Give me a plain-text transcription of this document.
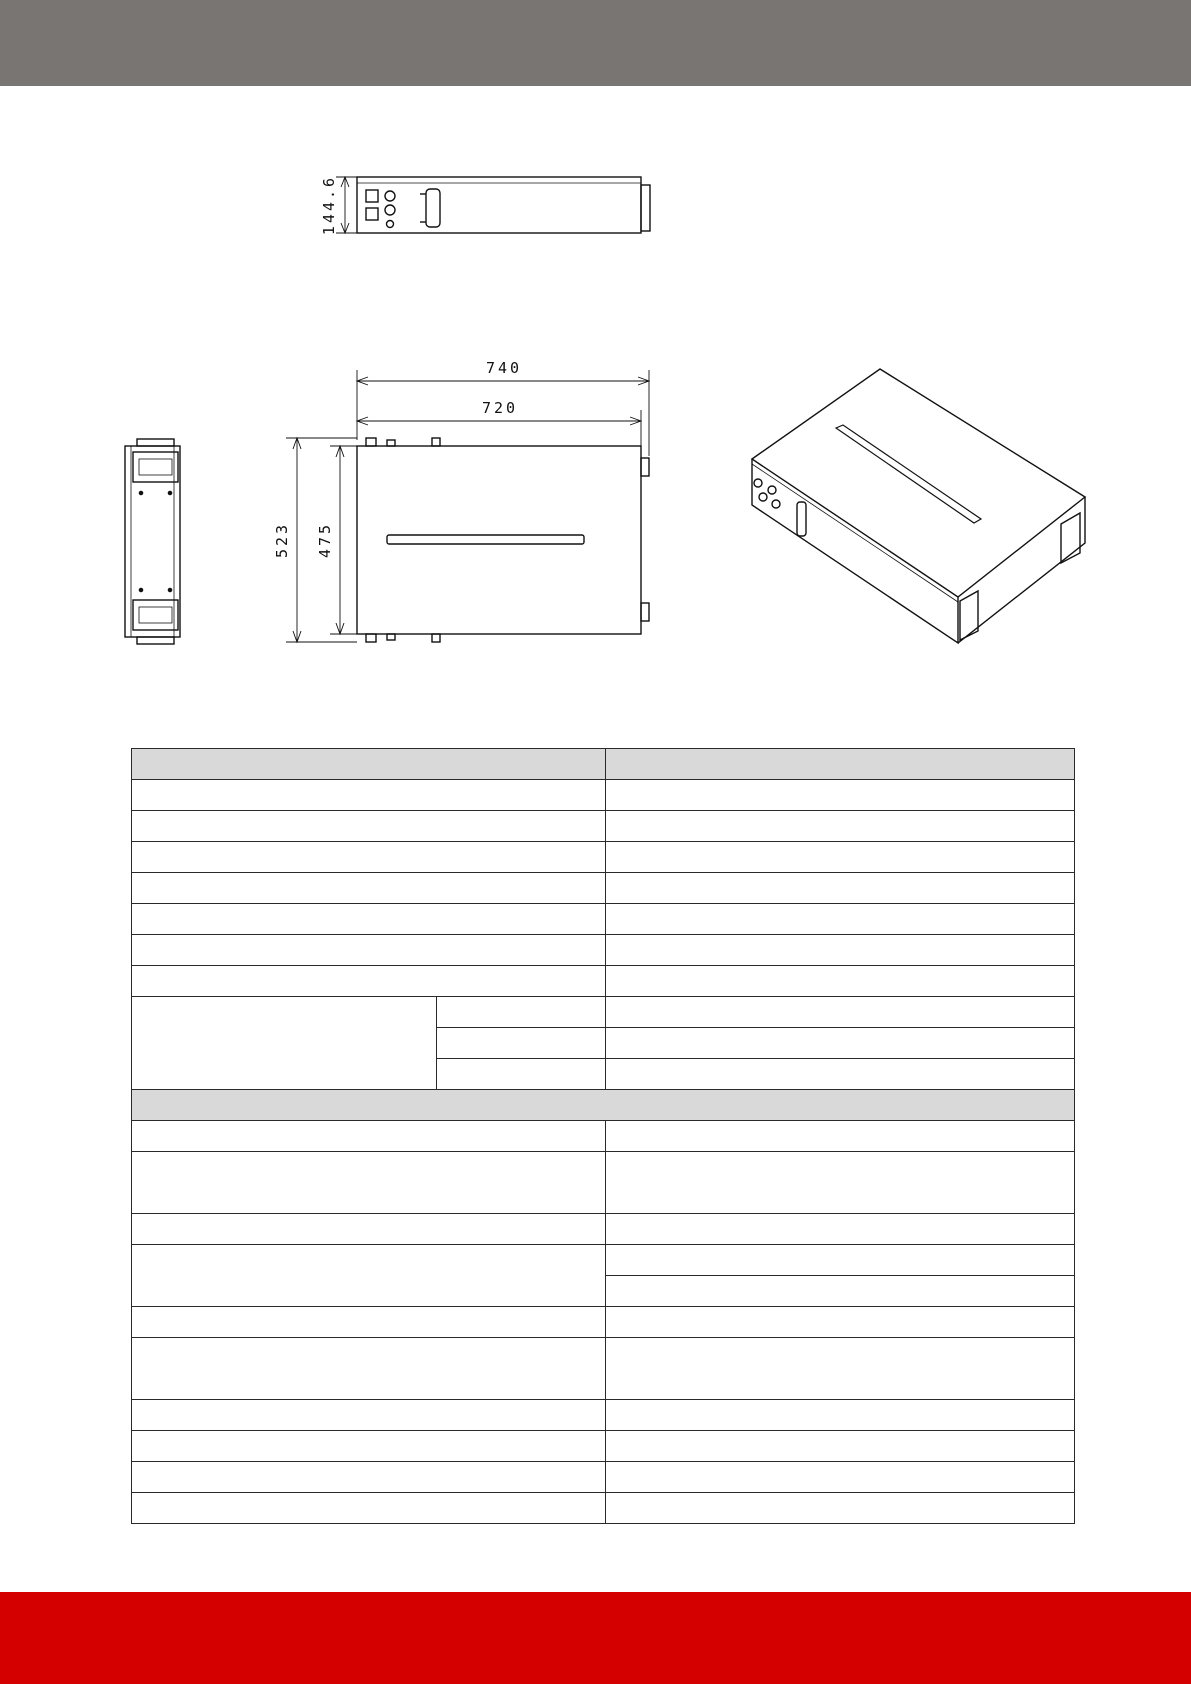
144.6
740
720
523 475
